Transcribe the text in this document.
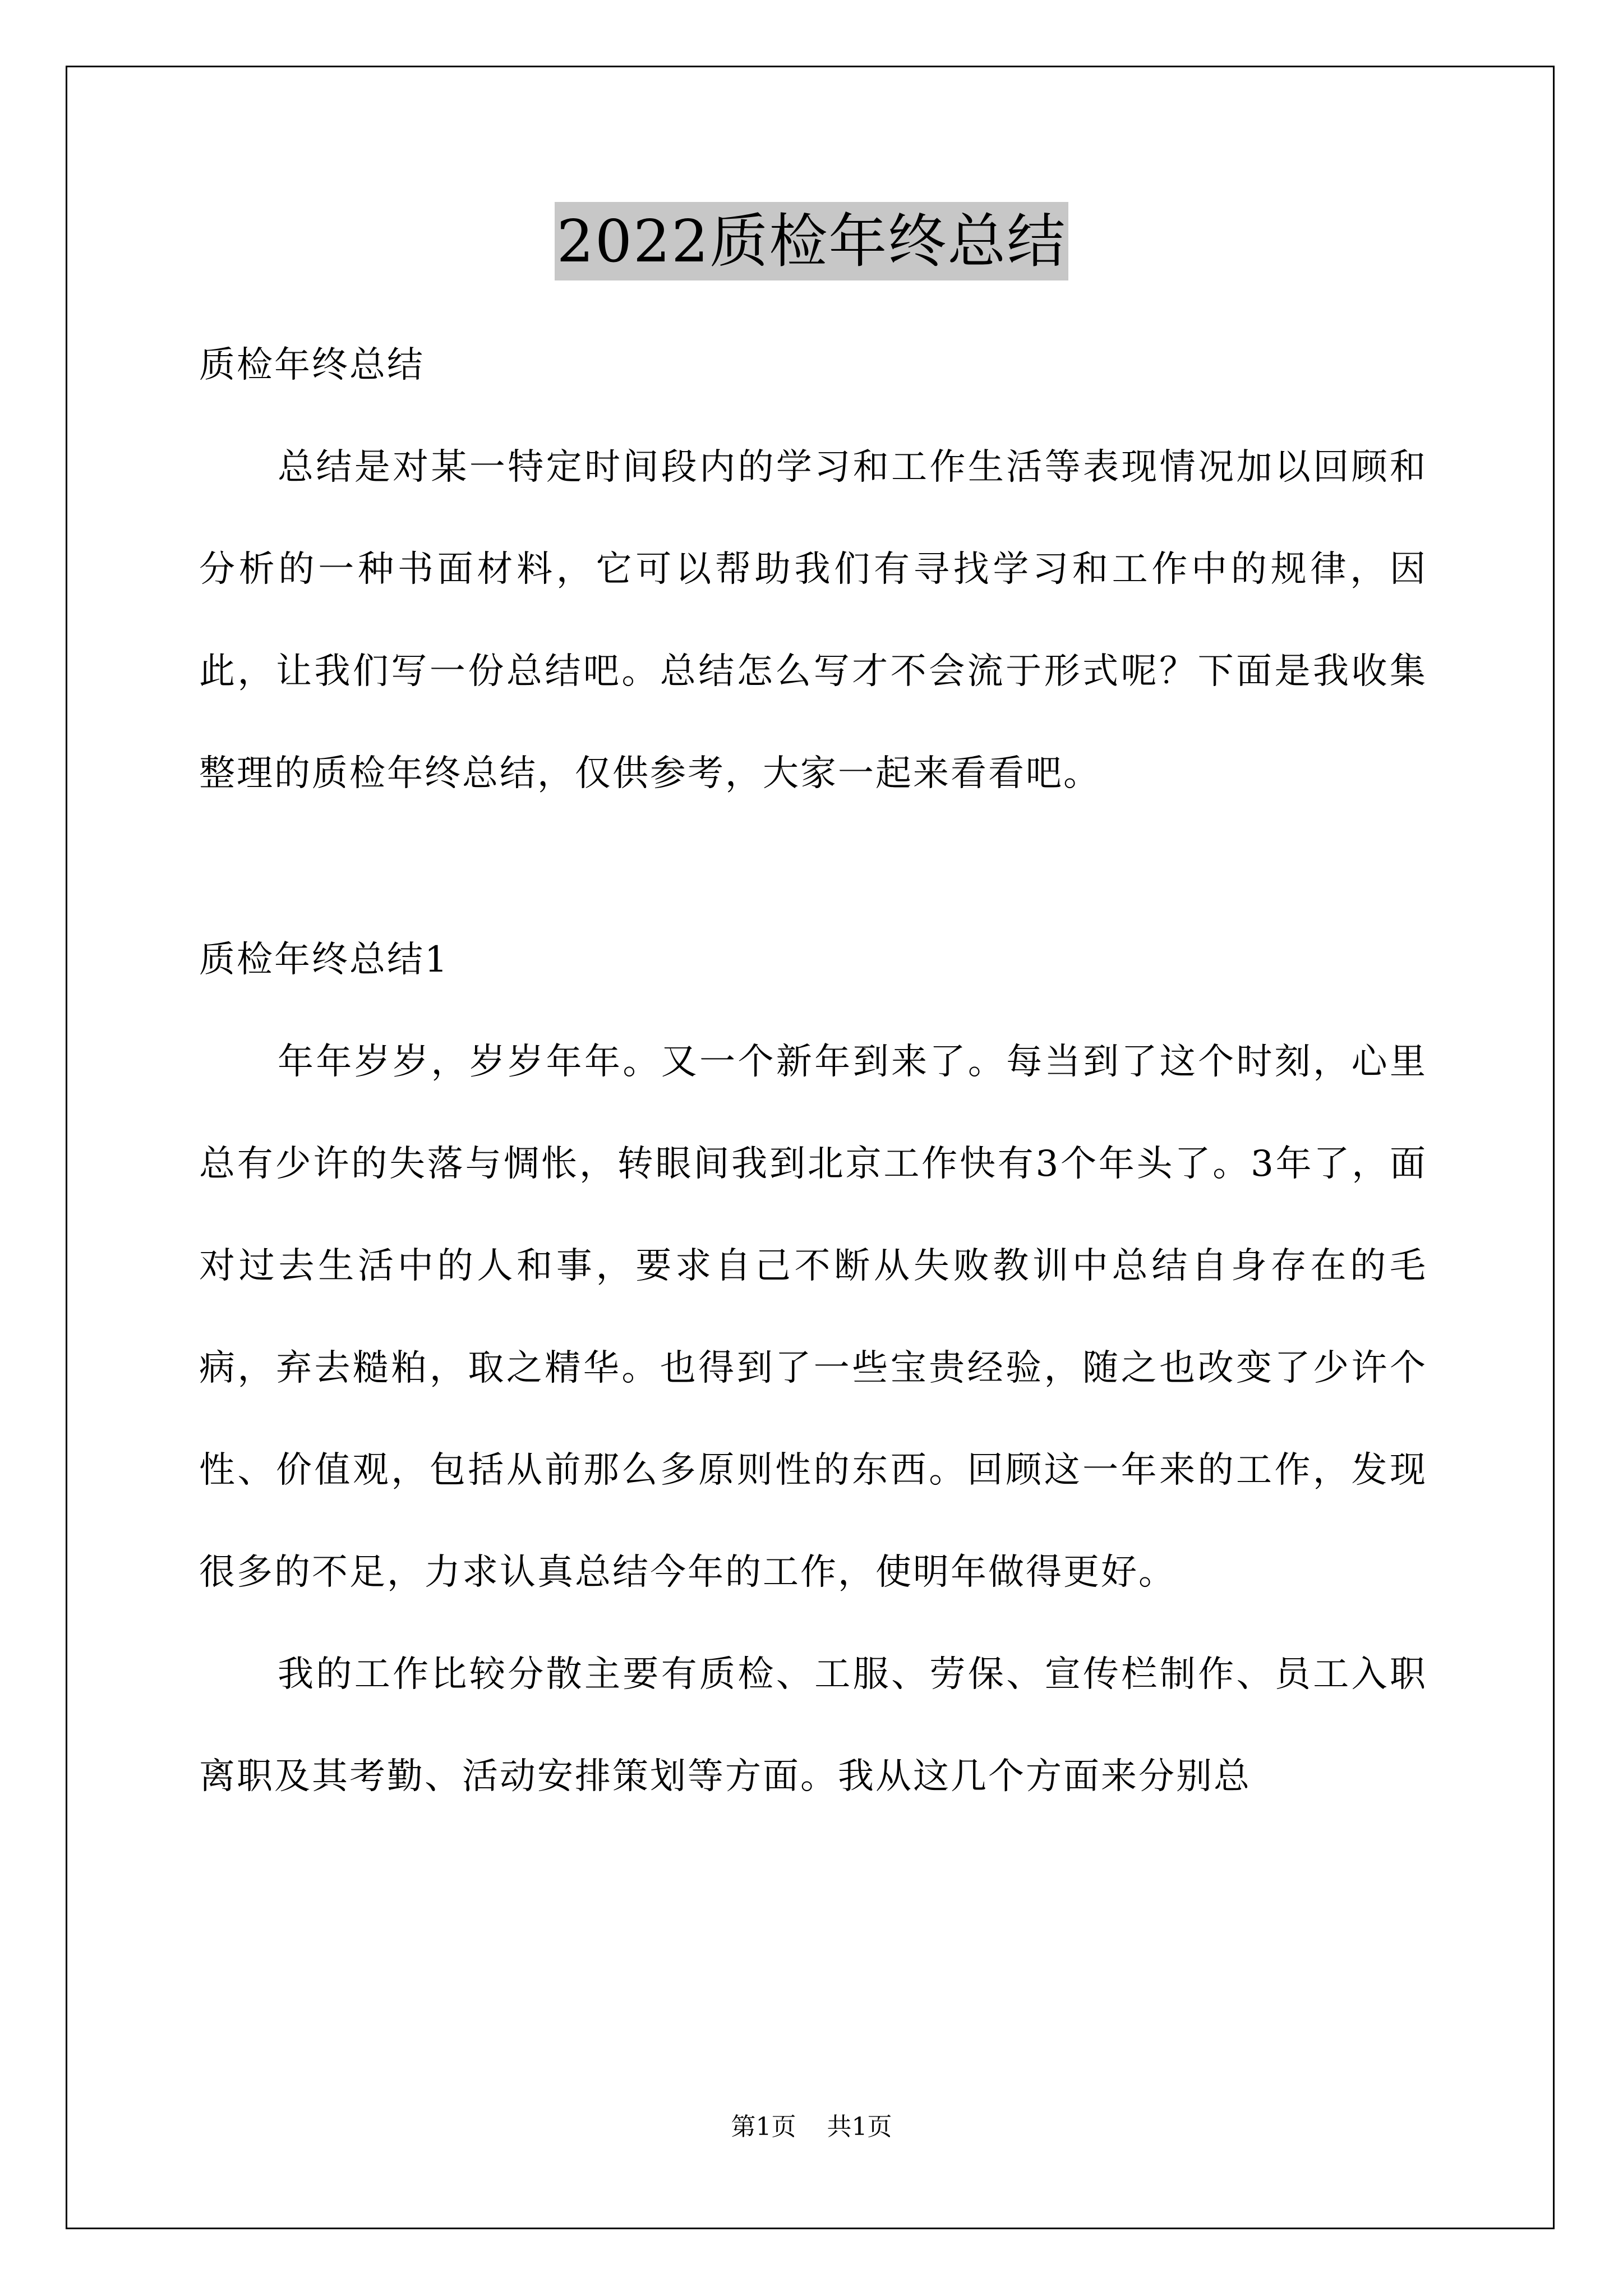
2022质检年终总结

质检年终总结

总结是对某一特定时间段内的学习和工作生活等表现情况加以回顾和分析的一种书面材料，它可以帮助我们有寻找学习和工作中的规律，因此，让我们写一份总结吧。总结怎么写才不会流于形式呢？下面是我收集整理的质检年终总结，仅供参考，大家一起来看看吧。

质检年终总结1

年年岁岁，岁岁年年。又一个新年到来了。每当到了这个时刻，心里总有少许的失落与惆怅，转眼间我到北京工作快有3个年头了。3年了，面对过去生活中的人和事，要求自己不断从失败教训中总结自身存在的毛病，弃去糙粕，取之精华。也得到了一些宝贵经验，随之也改变了少许个性、价值观，包括从前那么多原则性的东西。回顾这一年来的工作，发现很多的不足，力求认真总结今年的工作，使明年做得更好。

我的工作比较分散主要有质检、工服、劳保、宣传栏制作、员工入职离职及其考勤、活动安排策划等方面。我从这几个方面来分别总

第1页 共1页
